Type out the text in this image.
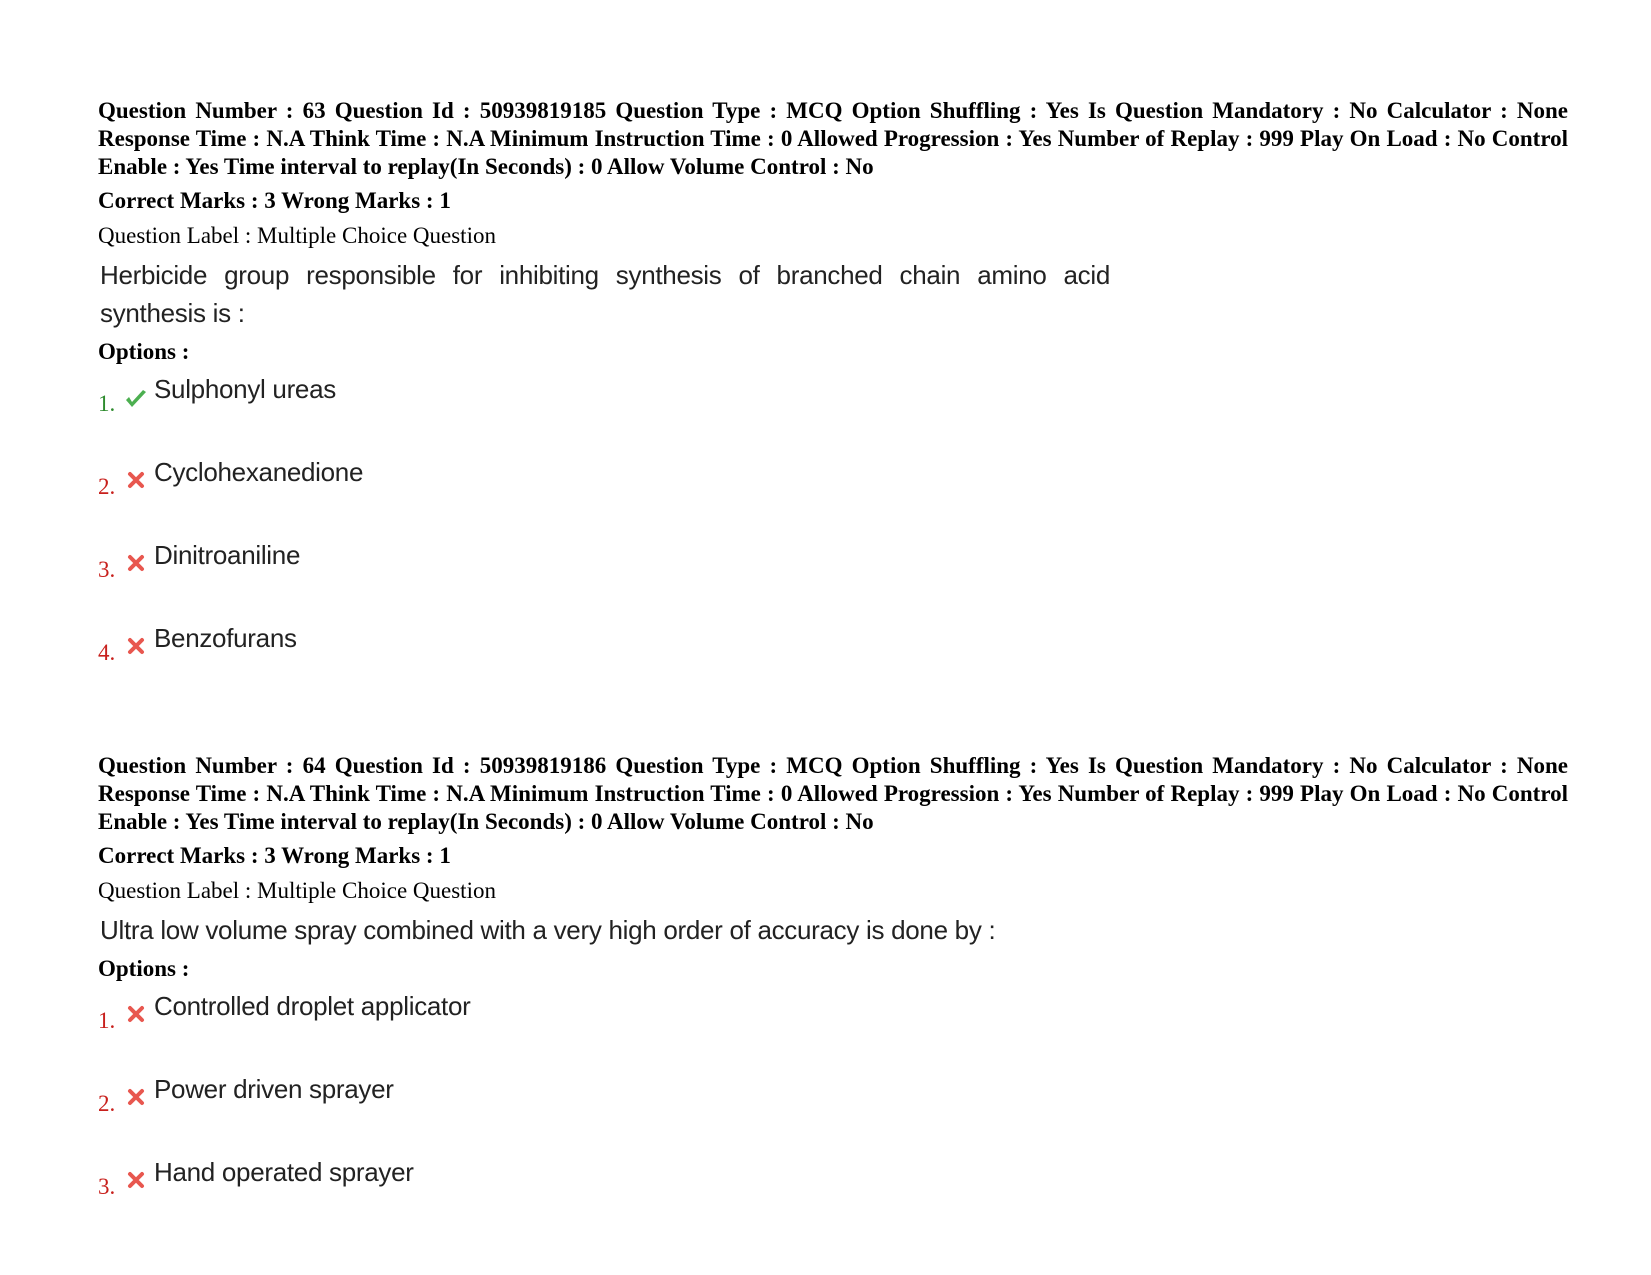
Question Number : 63 Question Id : 50939819185 Question Type : MCQ Option Shuffling : Yes Is Question Mandatory : No Calculator : None Response Time : N.A Think Time : N.A Minimum Instruction Time : 0 Allowed Progression : Yes Number of Replay : 999 Play On Load : No Control Enable : Yes Time interval to replay(In Seconds) : 0 Allow Volume Control : No

Correct Marks : 3 Wrong Marks : 1
Question Label : Multiple Choice Question
Herbicide group responsible for inhibiting synthesis of branched chain amino acid synthesis is :
Options :
1. Sulphonyl ureas
2. Cyclohexanedione
3. Dinitroaniline
4. Benzofurans

Question Number : 64 Question Id : 50939819186 Question Type : MCQ Option Shuffling : Yes Is Question Mandatory : No Calculator : None Response Time : N.A Think Time : N.A Minimum Instruction Time : 0 Allowed Progression : Yes Number of Replay : 999 Play On Load : No Control Enable : Yes Time interval to replay(In Seconds) : 0 Allow Volume Control : No

Correct Marks : 3 Wrong Marks : 1
Question Label : Multiple Choice Question
Ultra low volume spray combined with a very high order of accuracy is done by :
Options :
1. Controlled droplet applicator
2. Power driven sprayer
3. Hand operated sprayer
